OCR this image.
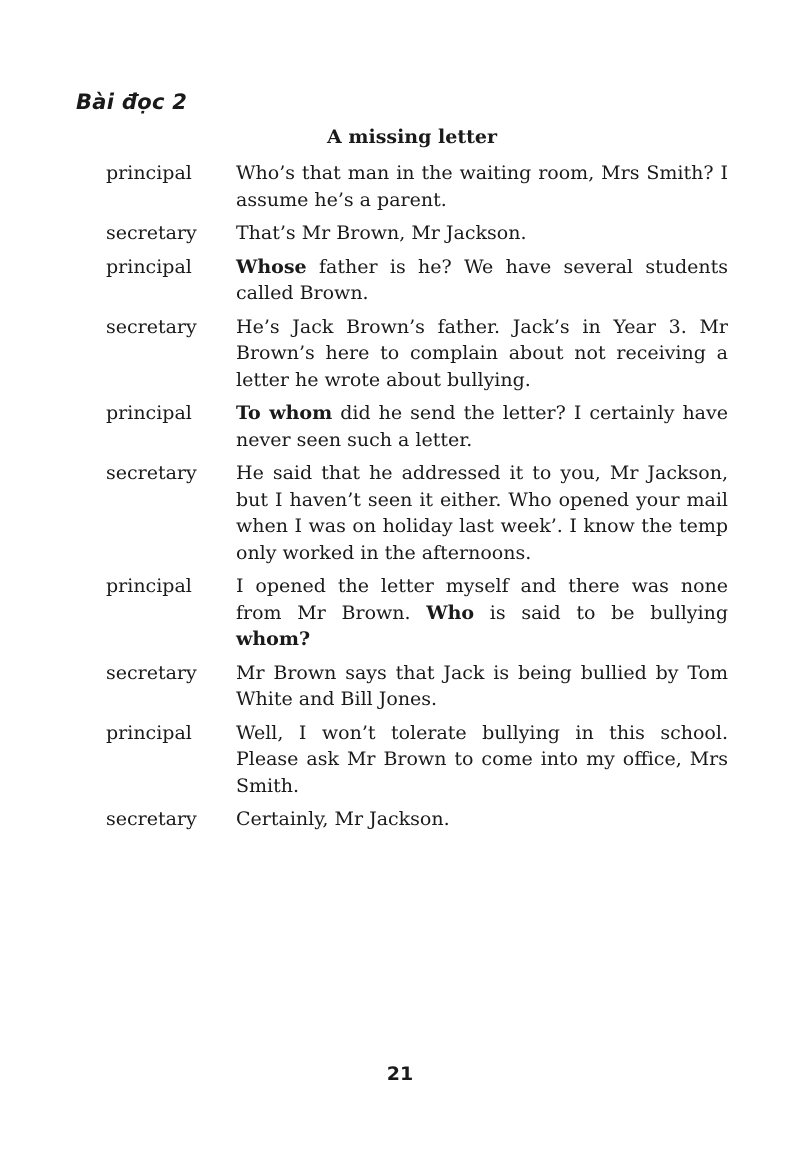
Bài đọc 2
A missing letter
principal	Who’s that man in the waiting room, Mrs Smith? I assume he’s a parent.
secretary	That’s Mr Brown, Mr Jackson.
principal	Whose father is he? We have several students called Brown.
secretary	He’s Jack Brown’s father. Jack’s in Year 3. Mr Brown’s here to complain about not receiving a letter he wrote about bullying.
principal	To whom did he send the letter? I certainly have never seen such a letter.
secretary	He said that he addressed it to you, Mr Jackson, but I haven’t seen it either. Who opened your mail when I was on holiday last week’. I know the temp only worked in the afternoons.
principal	I opened the letter myself and there was none from Mr Brown. Who is said to be bullying whom?
secretary	Mr Brown says that Jack is being bullied by Tom White and Bill Jones.
principal	Well, I won’t tolerate bullying in this school. Please ask Mr Brown to come into my office, Mrs Smith.
secretary	Certainly, Mr Jackson.
21
